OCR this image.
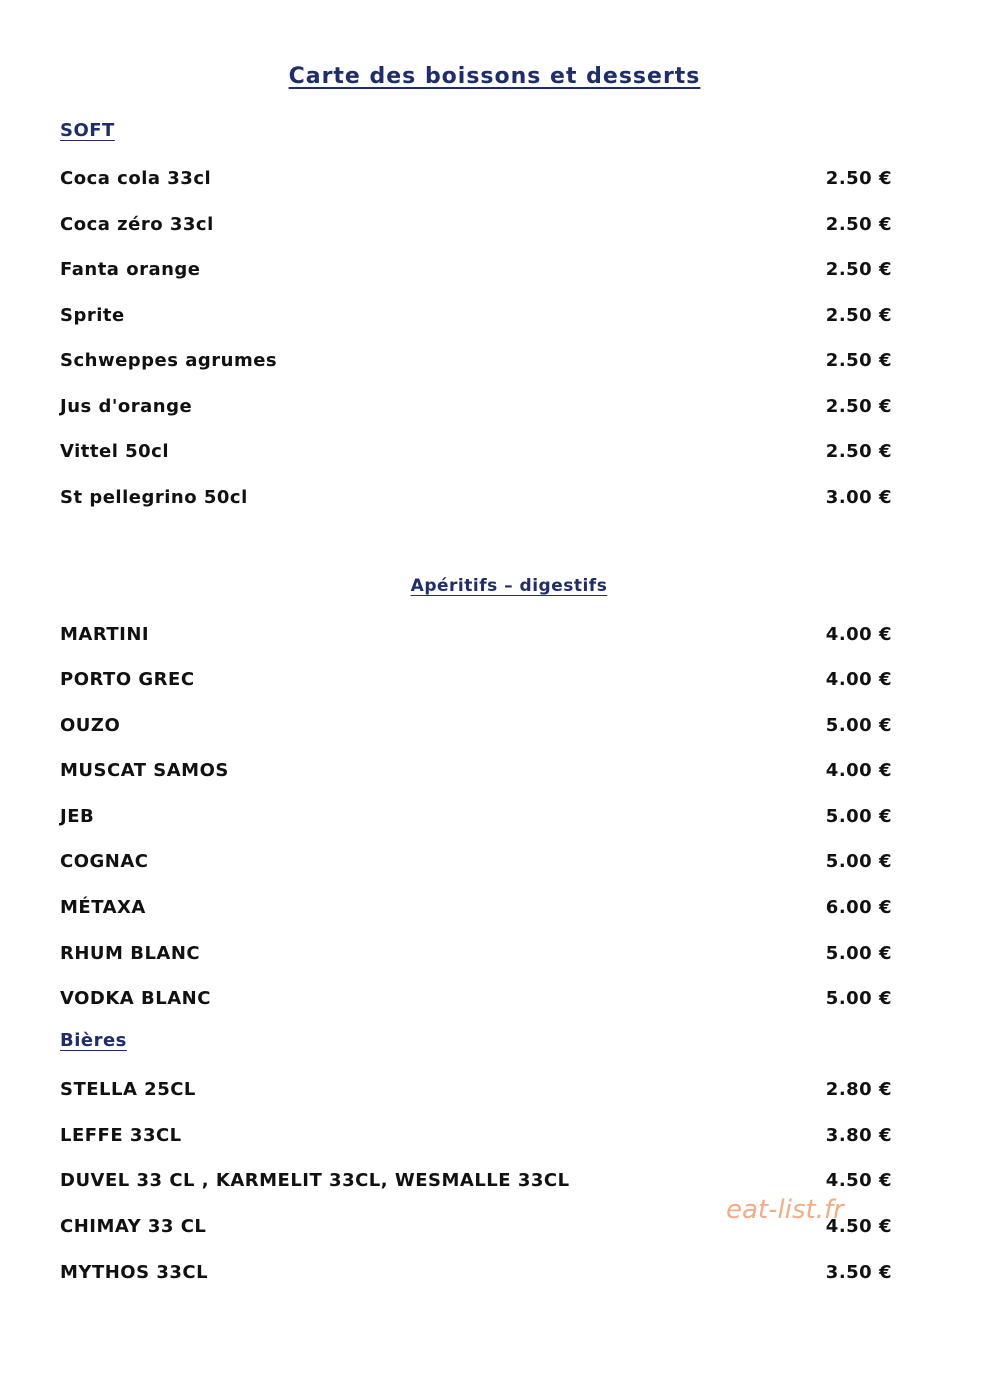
Carte des boissons et desserts
SOFT
Coca cola 33cl	2.50 €
Coca zéro 33cl	2.50 €
Fanta orange	2.50 €
Sprite	2.50 €
Schweppes agrumes	2.50 €
Jus d'orange	2.50 €
Vittel 50cl	2.50 €
St pellegrino 50cl	3.00 €
Apéritifs – digestifs
MARTINI	4.00 €
PORTO GREC	4.00 €
OUZO	5.00 €
MUSCAT SAMOS	4.00 €
JEB	5.00 €
COGNAC	5.00 €
MÉTAXA	6.00 €
RHUM BLANC	5.00 €
VODKA BLANC	5.00 €
Bières
STELLA 25CL	2.80 €
LEFFE 33CL	3.80 €
DUVEL 33 CL , KARMELIT 33CL, WESMALLE 33CL	4.50 €
CHIMAY 33 CL	4.50 €
MYTHOS 33CL	3.50 €
eat-list.fr
